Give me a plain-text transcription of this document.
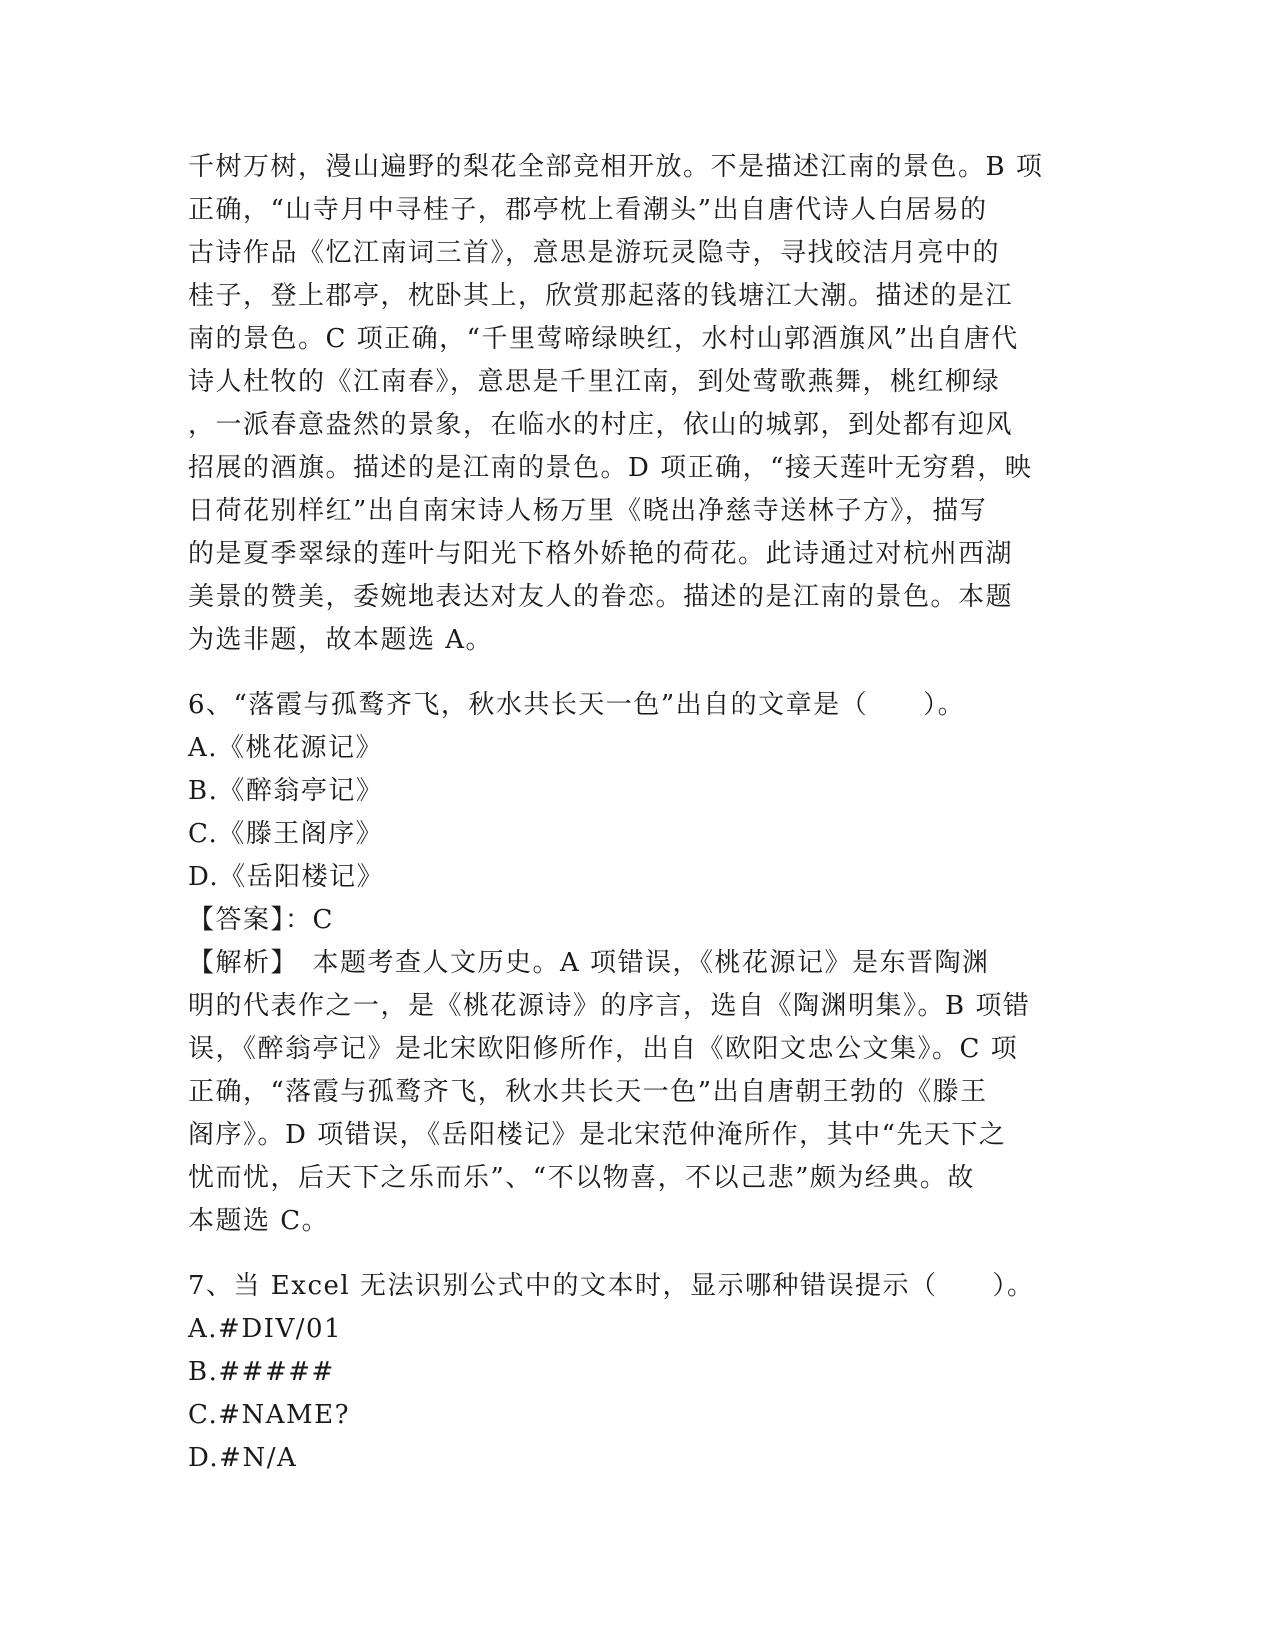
千树万树，漫山遍野的梨花全部竞相开放。不是描述江南的景色。B 项
正确，“山寺月中寻桂子，郡亭枕上看潮头”出自唐代诗人白居易的
古诗作品《忆江南词三首》，意思是游玩灵隐寺，寻找皎洁月亮中的
桂子，登上郡亭，枕卧其上，欣赏那起落的钱塘江大潮。描述的是江
南的景色。C 项正确，“千里莺啼绿映红，水村山郭酒旗风”出自唐代
诗人杜牧的《江南春》，意思是千里江南，到处莺歌燕舞，桃红柳绿
，一派春意盎然的景象，在临水的村庄，依山的城郭，到处都有迎风
招展的酒旗。描述的是江南的景色。D 项正确，“接天莲叶无穷碧，映
日荷花别样红”出自南宋诗人杨万里《晓出净慈寺送林子方》，描写
的是夏季翠绿的莲叶与阳光下格外娇艳的荷花。此诗通过对杭州西湖
美景的赞美，委婉地表达对友人的眷恋。描述的是江南的景色。本题
为选非题，故本题选 A。
6、“落霞与孤鹜齐飞，秋水共长天一色”出自的文章是（　　）。
A.《桃花源记》
B.《醉翁亭记》
C.《滕王阁序》
D.《岳阳楼记》
【答案】：C
【解析】　本题考查人文历史。A 项错误，《桃花源记》是东晋陶渊
明的代表作之一，是《桃花源诗》的序言，选自《陶渊明集》。B 项错
误，《醉翁亭记》是北宋欧阳修所作，出自《欧阳文忠公文集》。C 项
正确，“落霞与孤鹜齐飞，秋水共长天一色”出自唐朝王勃的《滕王
阁序》。D 项错误，《岳阳楼记》是北宋范仲淹所作，其中“先天下之
忧而忧，后天下之乐而乐”、“不以物喜，不以己悲”颇为经典。故
本题选 C。
7、当 Excel 无法识别公式中的文本时，显示哪种错误提示（　　）。
A.#DIV/01
B.#####
C.#NAME?
D.#N/A
